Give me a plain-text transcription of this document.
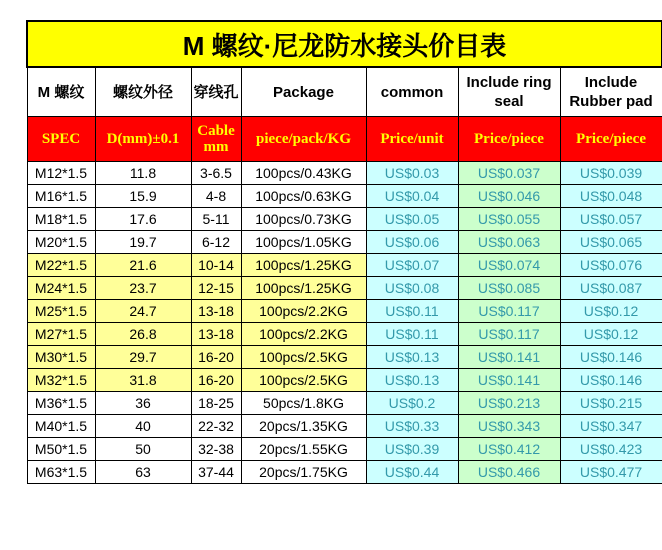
M 螺纹·尼龙防水接头价目表						
M 螺纹	螺纹外径	穿线孔	Package	common	Include ring seal	Include Rubber pad
SPEC	D(mm)±0.1	Cable mm	piece/pack/KG	Price/unit	Price/piece	Price/piece
M12*1.5	11.8	3-6.5	100pcs/0.43KG	US$0.03	US$0.037	US$0.039
M16*1.5	15.9	4-8	100pcs/0.63KG	US$0.04	US$0.046	US$0.048
M18*1.5	17.6	5-11	100pcs/0.73KG	US$0.05	US$0.055	US$0.057
M20*1.5	19.7	6-12	100pcs/1.05KG	US$0.06	US$0.063	US$0.065
M22*1.5	21.6	10-14	100pcs/1.25KG	US$0.07	US$0.074	US$0.076
M24*1.5	23.7	12-15	100pcs/1.25KG	US$0.08	US$0.085	US$0.087
M25*1.5	24.7	13-18	100pcs/2.2KG	US$0.11	US$0.117	US$0.12
M27*1.5	26.8	13-18	100pcs/2.2KG	US$0.11	US$0.117	US$0.12
M30*1.5	29.7	16-20	100pcs/2.5KG	US$0.13	US$0.141	US$0.146
M32*1.5	31.8	16-20	100pcs/2.5KG	US$0.13	US$0.141	US$0.146
M36*1.5	36	18-25	50pcs/1.8KG	US$0.2	US$0.213	US$0.215
M40*1.5	40	22-32	20pcs/1.35KG	US$0.33	US$0.343	US$0.347
M50*1.5	50	32-38	20pcs/1.55KG	US$0.39	US$0.412	US$0.423
M63*1.5	63	37-44	20pcs/1.75KG	US$0.44	US$0.466	US$0.477
